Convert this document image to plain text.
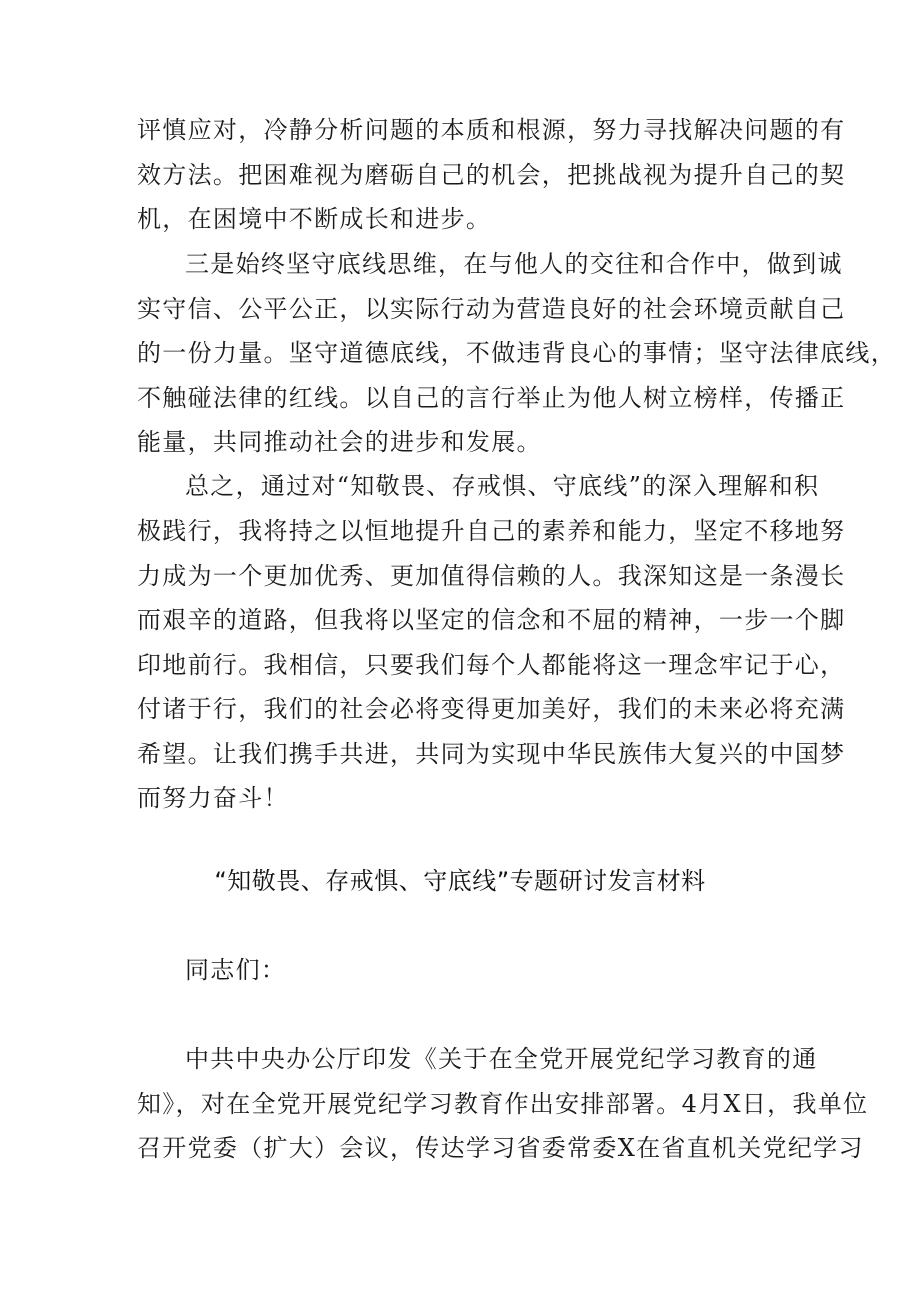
评慎应对，冷静分析问题的本质和根源，努力寻找解决问题的有
效方法。把困难视为磨砺自己的机会，把挑战视为提升自己的契
机，在困境中不断成长和进步。
三是始终坚守底线思维，在与他人的交往和合作中，做到诚
实守信、公平公正，以实际行动为营造良好的社会环境贡献自己
的一份力量。坚守道德底线，不做违背良心的事情；坚守法律底线，
不触碰法律的红线。以自己的言行举止为他人树立榜样，传播正
能量，共同推动社会的进步和发展。
总之，通过对“知敬畏、存戒惧、守底线”的深入理解和积
极践行，我将持之以恒地提升自己的素养和能力，坚定不移地努
力成为一个更加优秀、更加值得信赖的人。我深知这是一条漫长
而艰辛的道路，但我将以坚定的信念和不屈的精神，一步一个脚
印地前行。我相信，只要我们每个人都能将这一理念牢记于心，
付诸于行，我们的社会必将变得更加美好，我们的未来必将充满
希望。让我们携手共进，共同为实现中华民族伟大复兴的中国梦
而努力奋斗！
“知敬畏、存戒惧、守底线”专题研讨发言材料
同志们：
中共中央办公厅印发《关于在全党开展党纪学习教育的通
知》，对在全党开展党纪学习教育作出安排部署。4月X日，我单位
召开党委（扩大）会议，传达学习省委常委X在省直机关党纪学习
